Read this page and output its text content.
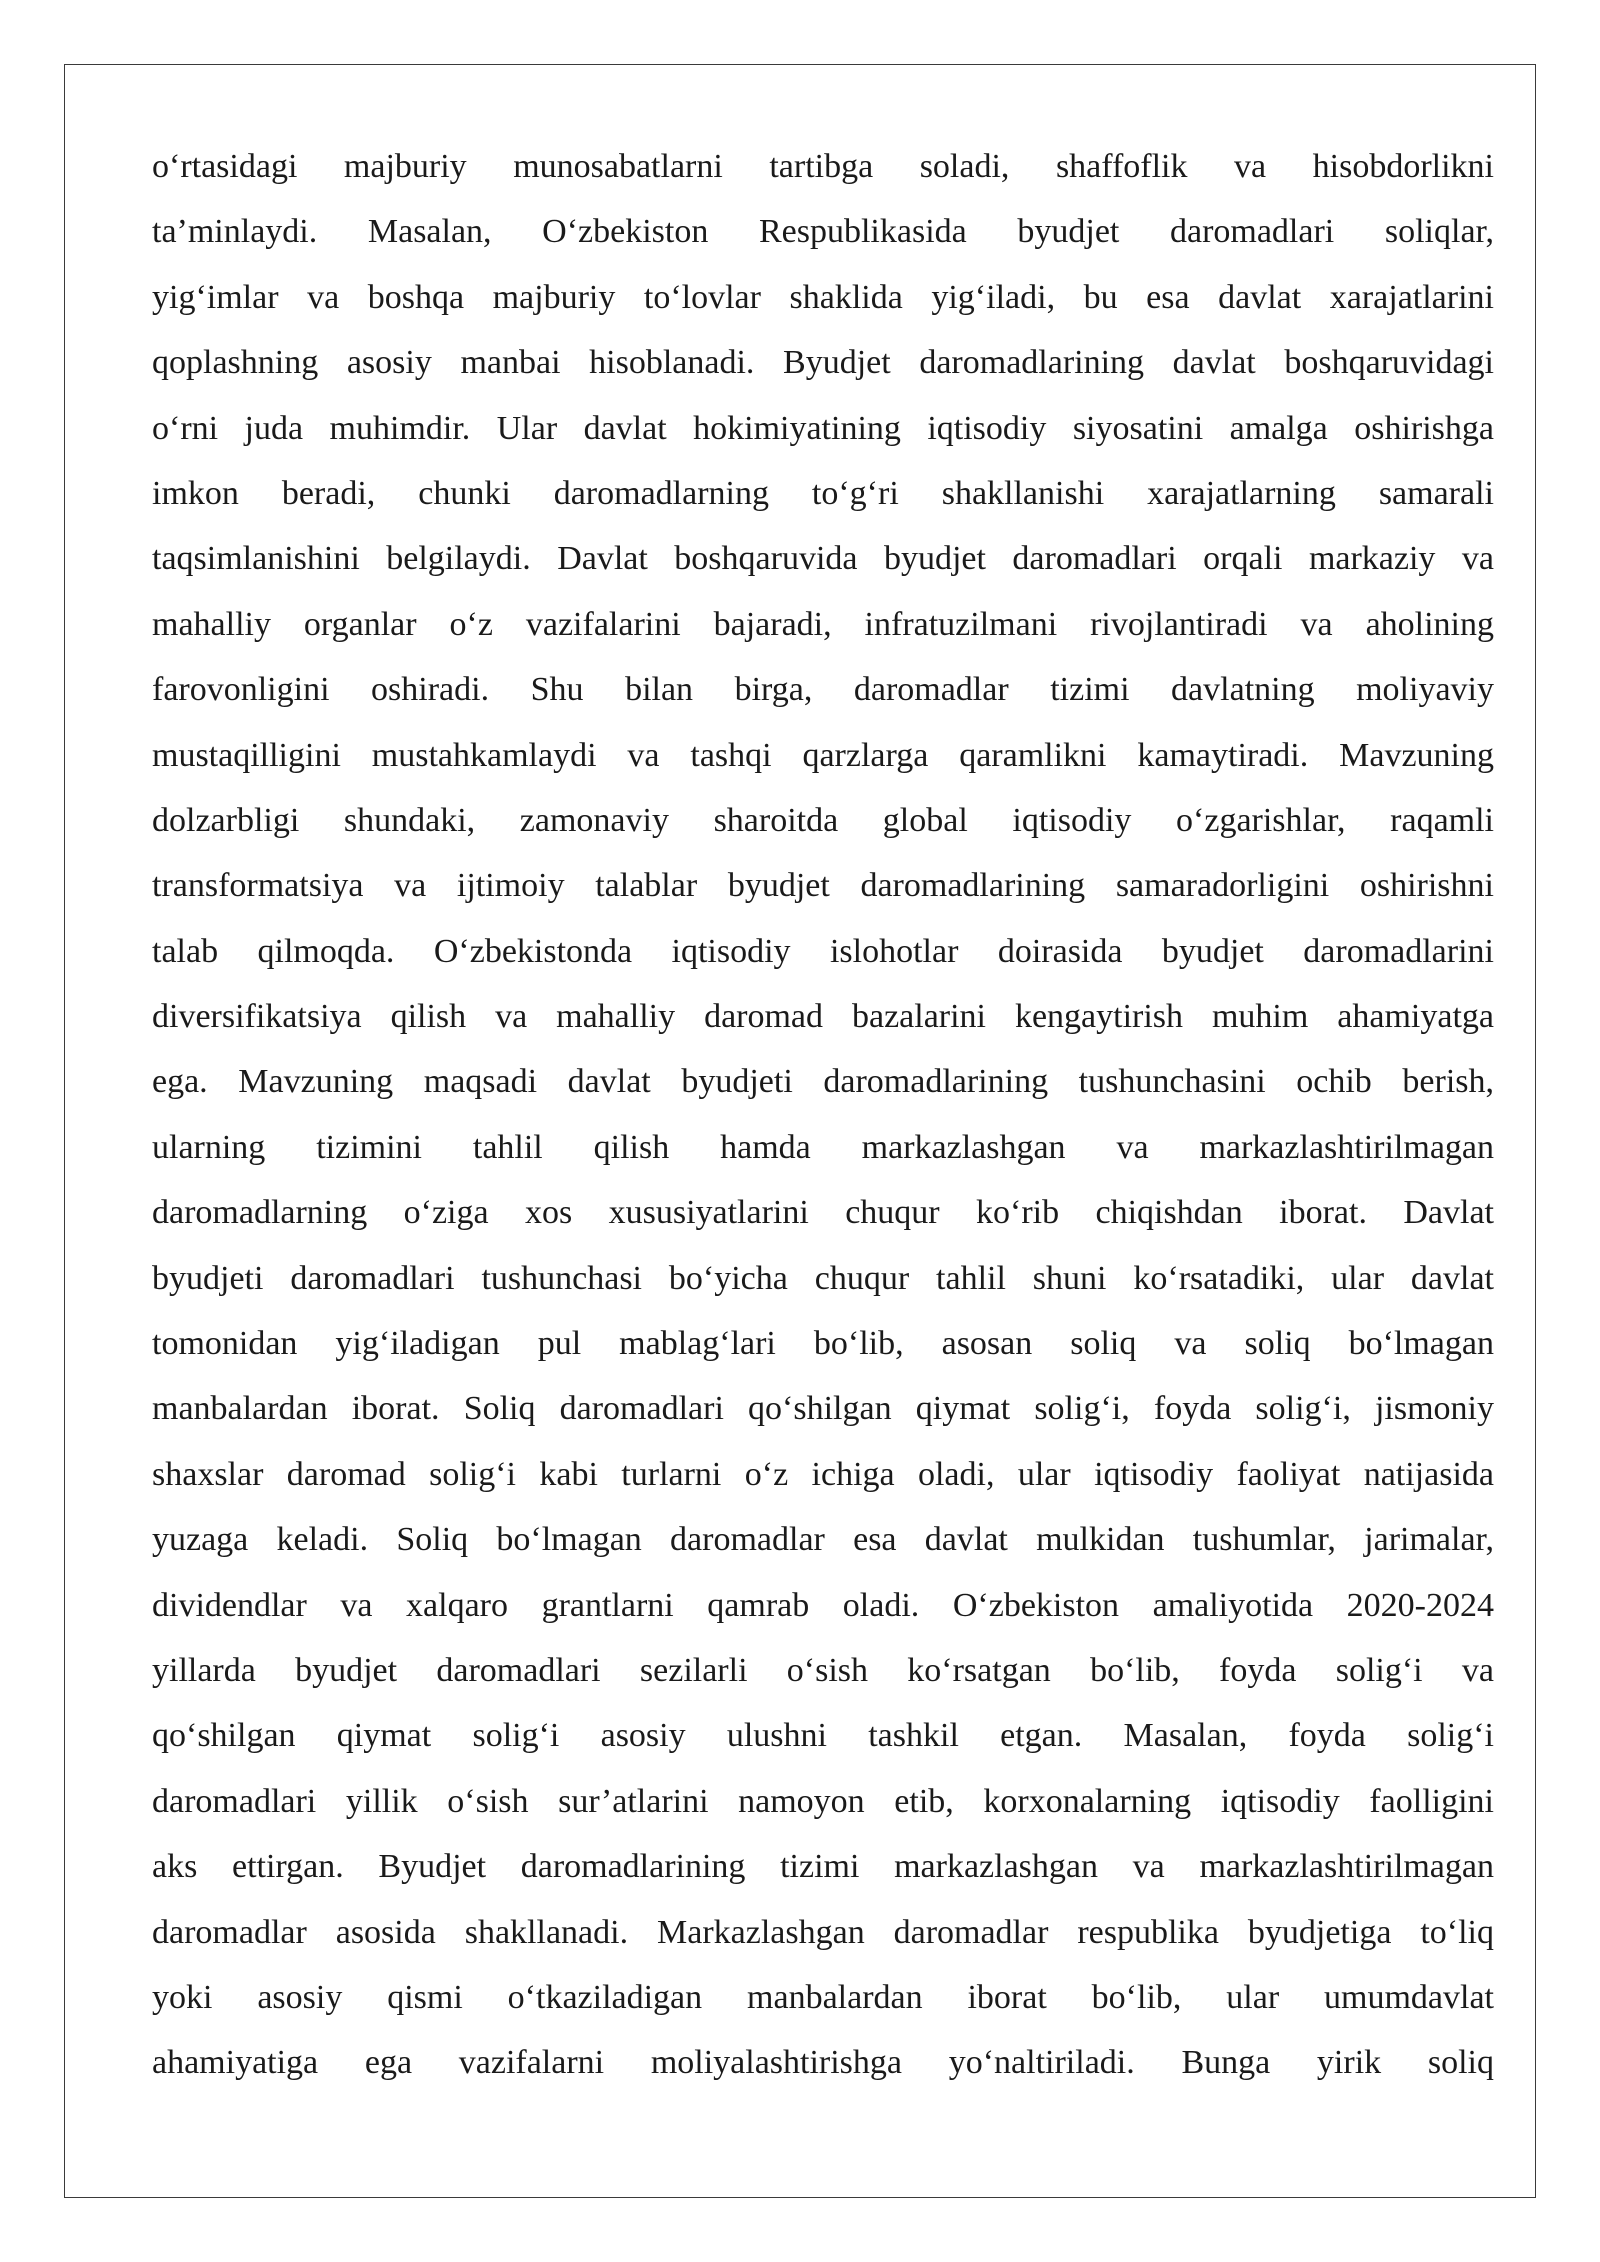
o‘rtasidagi majburiy munosabatlarni tartibga soladi, shaffoflik va hisobdorlikni
ta’minlaydi. Masalan, O‘zbekiston Respublikasida byudjet daromadlari soliqlar,
yig‘imlar va boshqa majburiy to‘lovlar shaklida yig‘iladi, bu esa davlat xarajatlarini
qoplashning asosiy manbai hisoblanadi. Byudjet daromadlarining davlat boshqaruvidagi
o‘rni juda muhimdir. Ular davlat hokimiyatining iqtisodiy siyosatini amalga oshirishga
imkon beradi, chunki daromadlarning to‘g‘ri shakllanishi xarajatlarning samarali
taqsimlanishini belgilaydi. Davlat boshqaruvida byudjet daromadlari orqali markaziy va
mahalliy organlar o‘z vazifalarini bajaradi, infratuzilmani rivojlantiradi va aholining
farovonligini oshiradi. Shu bilan birga, daromadlar tizimi davlatning moliyaviy
mustaqilligini mustahkamlaydi va tashqi qarzlarga qaramlikni kamaytiradi. Mavzuning
dolzarbligi shundaki, zamonaviy sharoitda global iqtisodiy o‘zgarishlar, raqamli
transformatsiya va ijtimoiy talablar byudjet daromadlarining samaradorligini oshirishni
talab qilmoqda. O‘zbekistonda iqtisodiy islohotlar doirasida byudjet daromadlarini
diversifikatsiya qilish va mahalliy daromad bazalarini kengaytirish muhim ahamiyatga
ega. Mavzuning maqsadi davlat byudjeti daromadlarining tushunchasini ochib berish,
ularning tizimini tahlil qilish hamda markazlashgan va markazlashtirilmagan
daromadlarning o‘ziga xos xususiyatlarini chuqur ko‘rib chiqishdan iborat. Davlat
byudjeti daromadlari tushunchasi bo‘yicha chuqur tahlil shuni ko‘rsatadiki, ular davlat
tomonidan yig‘iladigan pul mablag‘lari bo‘lib, asosan soliq va soliq bo‘lmagan
manbalardan iborat. Soliq daromadlari qo‘shilgan qiymat solig‘i, foyda solig‘i, jismoniy
shaxslar daromad solig‘i kabi turlarni o‘z ichiga oladi, ular iqtisodiy faoliyat natijasida
yuzaga keladi. Soliq bo‘lmagan daromadlar esa davlat mulkidan tushumlar, jarimalar,
dividendlar va xalqaro grantlarni qamrab oladi. O‘zbekiston amaliyotida 2020-2024
yillarda byudjet daromadlari sezilarli o‘sish ko‘rsatgan bo‘lib, foyda solig‘i va
qo‘shilgan qiymat solig‘i asosiy ulushni tashkil etgan. Masalan, foyda solig‘i
daromadlari yillik o‘sish sur’atlarini namoyon etib, korxonalarning iqtisodiy faolligini
aks ettirgan. Byudjet daromadlarining tizimi markazlashgan va markazlashtirilmagan
daromadlar asosida shakllanadi. Markazlashgan daromadlar respublika byudjetiga to‘liq
yoki asosiy qismi o‘tkaziladigan manbalardan iborat bo‘lib, ular umumdavlat
ahamiyatiga ega vazifalarni moliyalashtirishga yo‘naltiriladi. Bunga yirik soliq
